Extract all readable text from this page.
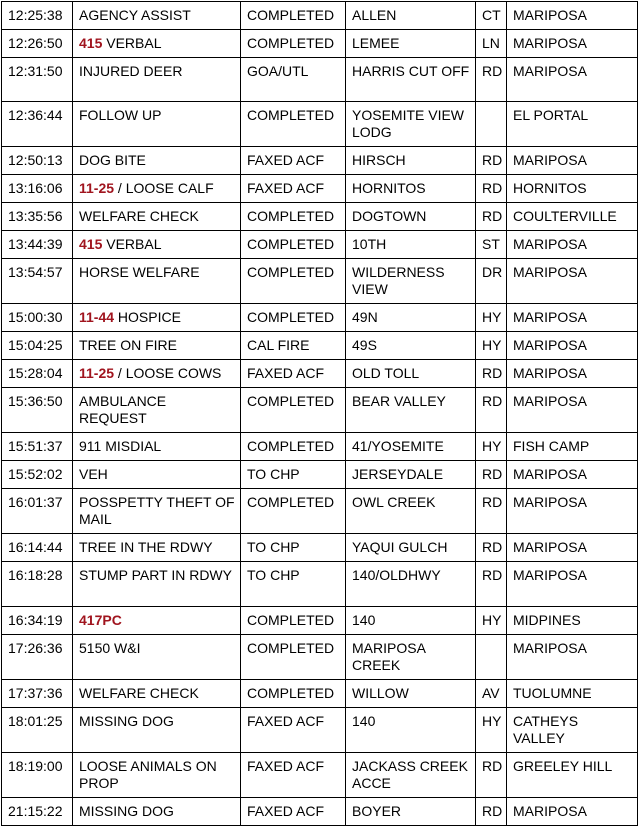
12:25:38	AGENCY ASSIST	COMPLETED	ALLEN	CT	MARIPOSA
12:26:50	415 VERBAL	COMPLETED	LEMEE	LN	MARIPOSA
12:31:50	INJURED DEER	GOA/UTL	HARRIS CUT OFF	RD	MARIPOSA
12:36:44	FOLLOW UP	COMPLETED	YOSEMITE VIEW LODG		EL PORTAL
12:50:13	DOG BITE	FAXED ACF	HIRSCH	RD	MARIPOSA
13:16:06	11-25 / LOOSE CALF	FAXED ACF	HORNITOS	RD	HORNITOS
13:35:56	WELFARE CHECK	COMPLETED	DOGTOWN	RD	COULTERVILLE
13:44:39	415 VERBAL	COMPLETED	10TH	ST	MARIPOSA
13:54:57	HORSE WELFARE	COMPLETED	WILDERNESS VIEW	DR	MARIPOSA
15:00:30	11-44 HOSPICE	COMPLETED	49N	HY	MARIPOSA
15:04:25	TREE ON FIRE	CAL FIRE	49S	HY	MARIPOSA
15:28:04	11-25 / LOOSE COWS	FAXED ACF	OLD TOLL	RD	MARIPOSA
15:36:50	AMBULANCE REQUEST	COMPLETED	BEAR VALLEY	RD	MARIPOSA
15:51:37	911 MISDIAL	COMPLETED	41/YOSEMITE	HY	FISH CAMP
15:52:02	VEH	TO CHP	JERSEYDALE	RD	MARIPOSA
16:01:37	POSSPETTY THEFT OF MAIL	COMPLETED	OWL CREEK	RD	MARIPOSA
16:14:44	TREE IN THE RDWY	TO CHP	YAQUI GULCH	RD	MARIPOSA
16:18:28	STUMP PART IN RDWY	TO CHP	140/OLDHWY	RD	MARIPOSA
16:34:19	417PC	COMPLETED	140	HY	MIDPINES
17:26:36	5150 W&I	COMPLETED	MARIPOSA CREEK		MARIPOSA
17:37:36	WELFARE CHECK	COMPLETED	WILLOW	AV	TUOLUMNE
18:01:25	MISSING DOG	FAXED ACF	140	HY	CATHEYS VALLEY
18:19:00	LOOSE ANIMALS ON PROP	FAXED ACF	JACKASS CREEK ACCE	RD	GREELEY HILL
21:15:22	MISSING DOG	FAXED ACF	BOYER	RD	MARIPOSA
